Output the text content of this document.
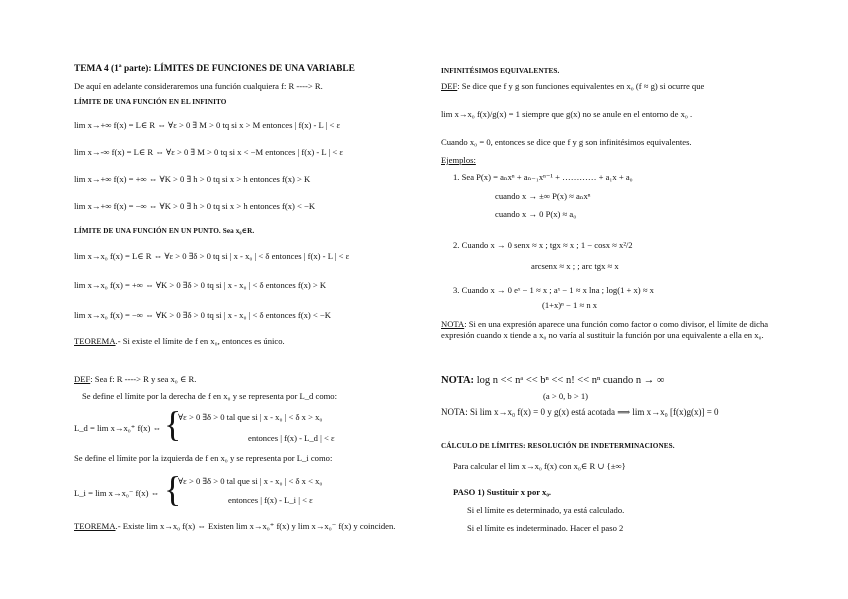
TEMA 4 (1ª parte): LÍMITES DE FUNCIONES DE UNA VARIABLE
De aquí en adelante consideraremos una función cualquiera f: R ----> R.
LÍMITE DE UNA FUNCIÓN EN EL INFINITO
lim x→+∞ f(x) = L∈ R ⇔ ∀ε > 0 ∃ M > 0 tq si x > M entonces | f(x) - L | < ε
lim x→-∞ f(x) = L∈ R ⇔ ∀ε > 0 ∃ M > 0 tq si x < −M entonces | f(x) - L | < ε
lim x→+∞ f(x) = +∞ ⇔ ∀K > 0 ∃ h > 0 tq si x > h entonces f(x) > K
lim x→+∞ f(x) = −∞ ⇔ ∀K > 0 ∃ h > 0 tq si x > h entonces f(x) < −K
LÍMITE DE UNA FUNCIÓN EN UN PUNTO. Sea x₀∈R.
lim x→x₀ f(x) = L∈ R ⇔ ∀ε > 0 ∃δ > 0 tq si | x - x₀ | < δ entonces | f(x) - L | < ε
lim x→x₀ f(x) = +∞ ⇔ ∀K > 0 ∃δ > 0 tq si | x - x₀ | < δ entonces f(x) > K
lim x→x₀ f(x) = −∞ ⇔ ∀K > 0 ∃δ > 0 tq si | x - x₀ | < δ entonces f(x) < −K
TEOREMA.- Si existe el límite de f en x₀, entonces es único.
DEF: Sea f: R ----> R y sea x₀ ∈ R.
Se define el límite por la derecha de f en x₀ y se representa por L_d como:
L_d = lim x→x₀⁺ f(x) ⇔ {
∀ε > 0 ∃δ > 0 tal que si | x - x₀ | < δ x > x₀
entonces | f(x) - L_d | < ε
Se define el límite por la izquierda de f en x₀ y se representa por L_i como:
L_i = lim x→x₀⁻ f(x) ⇔ {
∀ε > 0 ∃δ > 0 tal que si | x - x₀ | < δ x < x₀
entonces | f(x) - L_i | < ε
TEOREMA.- Existe lim x→x₀ f(x) ⇔ Existen lim x→x₀⁺ f(x) y lim x→x₀⁻ f(x) y coinciden.
INFINITÉSIMOS EQUIVALENTES.
DEF: Se dice que f y g son funciones equivalentes en x₀ (f ≈ g) si ocurre que
lim x→x₀ f(x)/g(x) = 1 siempre que g(x) no se anule en el entorno de x₀ .
Cuando x₀ = 0, entonces se dice que f y g son infinitésimos equivalentes.
Ejemplos:
1. Sea P(x) = aₙxⁿ + aₙ₋₁xⁿ⁻¹ + ………… + a₁x + a₀
cuando x → ±∞ P(x) ≈ aₙxⁿ
cuando x → 0 P(x) ≈ a₀
2. Cuando x → 0 senx ≈ x ; tgx ≈ x ; 1 − cosx ≈ x²/2
arcsenx ≈ x ; ; arc tgx ≈ x
3. Cuando x → 0 eˣ − 1 ≈ x ; aˣ − 1 ≈ x lna ; log(1 + x) ≈ x
(1+x)ⁿ − 1 ≈ n x
NOTA: Si en una expresión aparece una función como factor o como divisor, el límite de dicha expresión cuando x tiende a x₀ no varía al sustituir la función por una equivalente a ella en x₀.
NOTA: log n << nᵃ << bⁿ << n! << nⁿ cuando n → ∞
(a > 0, b > 1)
NOTA: Si lim x→x₀ f(x) = 0 y g(x) está acotada ⟹ lim x→x₀ [f(x)g(x)] = 0
CÁLCULO DE LÍMITES: RESOLUCIÓN DE INDETERMINACIONES.
Para calcular el lim x→x₀ f(x) con x₀∈ R ∪ {±∞}
PASO 1) Sustituir x por x₀.
Si el límite es determinado, ya está calculado.
Si el límite es indeterminado. Hacer el paso 2
